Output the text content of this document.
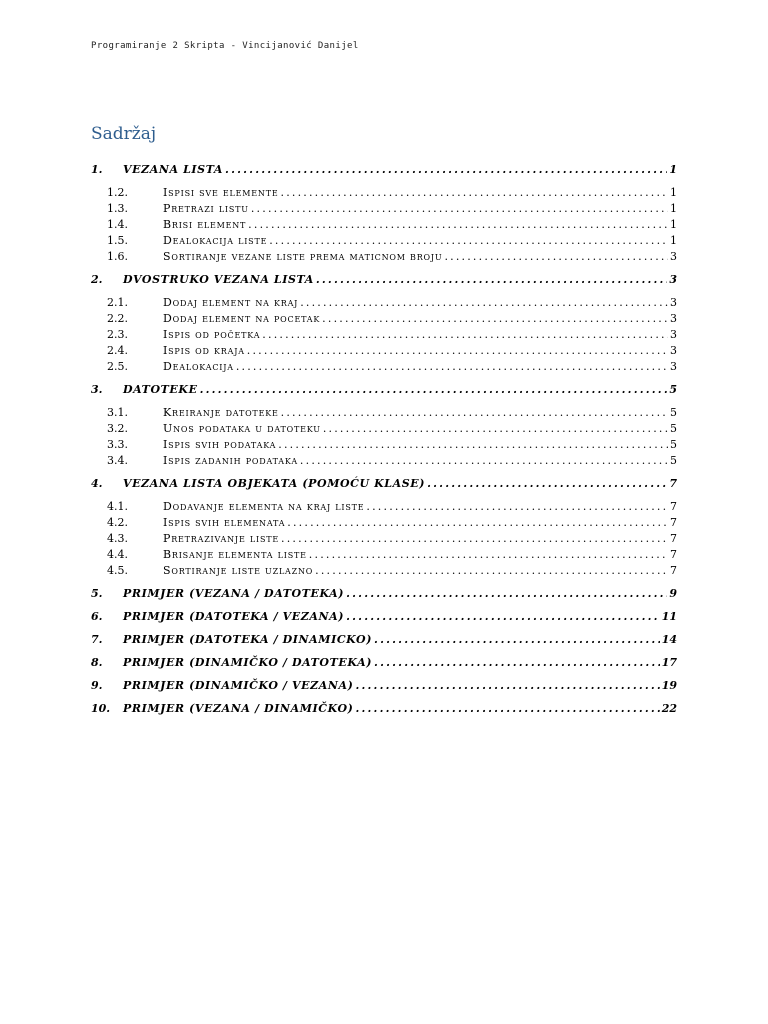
Programiranje 2 Skripta - Vincijanović Danijel
Sadržaj
1.	VEZANA LISTA .....	1
1.2.	Ispisi sve elemente .....	1
1.3.	Pretrazi listu .....	1
1.4.	Brisi element .....	1
1.5.	Dealokacija liste .....	1
1.6.	Sortiranje vezane liste prema maticnom broju .....	3
2.	DVOSTRUKO VEZANA LISTA .....	3
2.1.	Dodaj element na kraj .....	3
2.2.	Dodaj element na pocetak .....	3
2.3.	Ispis od početka .....	3
2.4.	Ispis od kraja .....	3
2.5.	Dealokacija .....	3
3.	DATOTEKE .....	5
3.1.	Kreiranje datoteke .....	5
3.2.	Unos podataka u datoteku .....	5
3.3.	Ispis svih podataka .....	5
3.4.	Ispis zadanih podataka .....	5
4.	VEZANA LISTA OBJEKATA (POMOĆU KLASE) .....	7
4.1.	Dodavanje elementa na kraj liste .....	7
4.2.	Ispis svih elemenata .....	7
4.3.	Pretrazivanje liste .....	7
4.4.	Brisanje elementa liste .....	7
4.5.	Sortiranje liste uzlazno .....	7
5.	PRIMJER (VEZANA / DATOTEKA) .....	9
6.	PRIMJER (DATOTEKA / VEZANA) .....	11
7.	PRIMJER (DATOTEKA / DINAMICKO) .....	14
8.	PRIMJER (DINAMIČKO / DATOTEKA) .....	17
9.	PRIMJER (DINAMIČKO / VEZANA) .....	19
10.	PRIMJER (VEZANA / DINAMIČKO) .....	22
